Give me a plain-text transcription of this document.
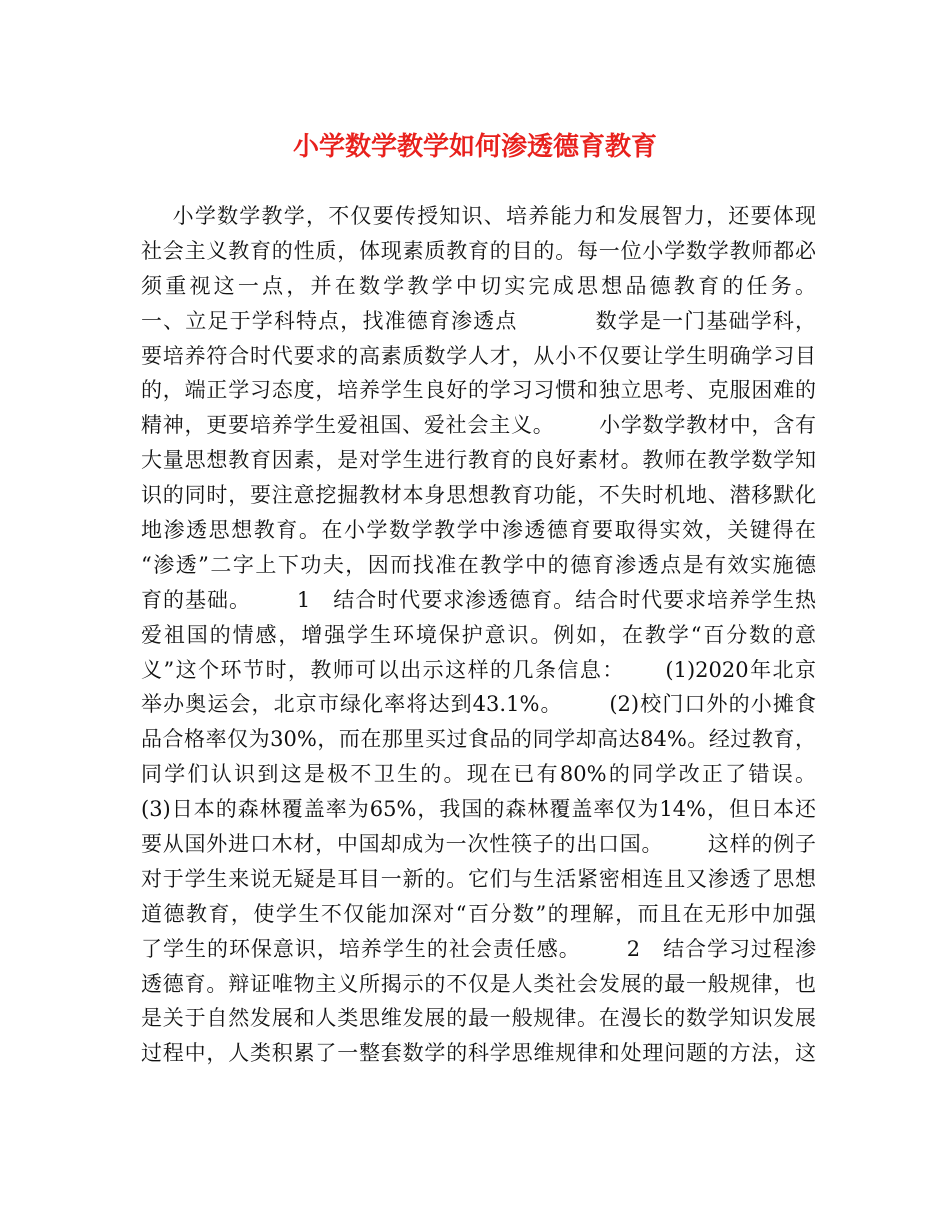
小学数学教学如何渗透德育教育
小学数学教学，不仅要传授知识、培养能力和发展智力，还要体现
社会主义教育的性质，体现素质教育的目的。每一位小学数学教师都必
须重视这一点，并在数学教学中切实完成思想品德教育的任务。
一、立足于学科特点，找准德育渗透点          数学是一门基础学科，
要培养符合时代要求的高素质数学人才，从小不仅要让学生明确学习目
的，端正学习态度，培养学生良好的学习习惯和独立思考、克服困难的
精神，更要培养学生爱祖国、爱社会主义。      小学数学教材中，含有
大量思想教育因素，是对学生进行教育的良好素材。教师在教学数学知
识的同时，要注意挖掘教材本身思想教育功能，不失时机地、潜移默化
地渗透思想教育。在小学数学教学中渗透德育要取得实效，关键得在
“渗透”二字上下功夫，因而找准在教学中的德育渗透点是有效实施德
育的基础。      1   结合时代要求渗透德育。结合时代要求培养学生热
爱祖国的情感，增强学生环境保护意识。例如，在教学“百分数的意
义”这个环节时，教师可以出示这样的几条信息：     (1)2020年北京
举办奥运会，北京市绿化率将达到43.1%。      (2)校门口外的小摊食
品合格率仅为30%，而在那里买过食品的同学却高达84%。经过教育，
同学们认识到这是极不卫生的。现在已有80%的同学改正了错误。
(3)日本的森林覆盖率为65%，我国的森林覆盖率仅为14%，但日本还
要从国外进口木材，中国却成为一次性筷子的出口国。      这样的例子
对于学生来说无疑是耳目一新的。它们与生活紧密相连且又渗透了思想
道德教育，使学生不仅能加深对“百分数”的理解，而且在无形中加强
了学生的环保意识，培养学生的社会责任感。      2   结合学习过程渗
透德育。辩证唯物主义所揭示的不仅是人类社会发展的最一般规律，也
是关于自然发展和人类思维发展的最一般规律。在漫长的数学知识发展
过程中，人类积累了一整套数学的科学思维规律和处理问题的方法，这
